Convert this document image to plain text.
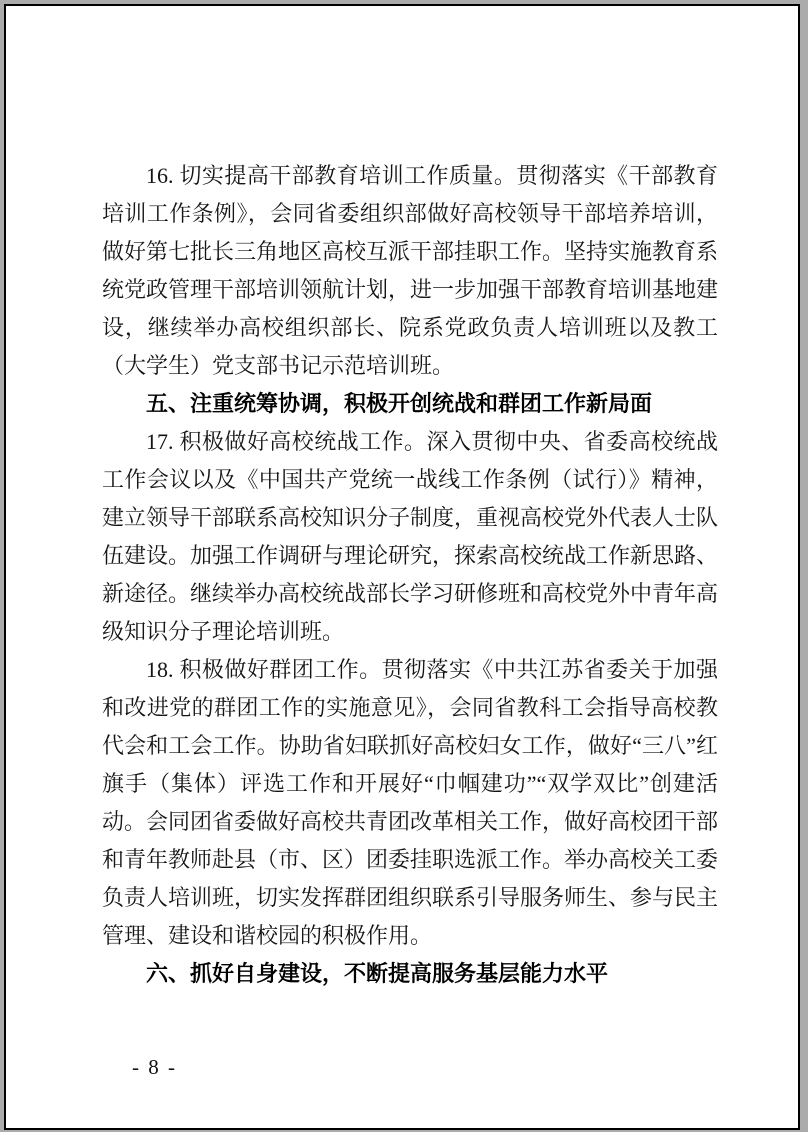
16. 切实提高干部教育培训工作质量。贯彻落实《干部教育培训工作条例》，会同省委组织部做好高校领导干部培养培训，做好第七批长三角地区高校互派干部挂职工作。坚持实施教育系统党政管理干部培训领航计划，进一步加强干部教育培训基地建设，继续举办高校组织部长、院系党政负责人培训班以及教工（大学生）党支部书记示范培训班。

五、注重统筹协调，积极开创统战和群团工作新局面

17. 积极做好高校统战工作。深入贯彻中央、省委高校统战工作会议以及《中国共产党统一战线工作条例（试行）》精神，建立领导干部联系高校知识分子制度，重视高校党外代表人士队伍建设。加强工作调研与理论研究，探索高校统战工作新思路、新途径。继续举办高校统战部长学习研修班和高校党外中青年高级知识分子理论培训班。

18. 积极做好群团工作。贯彻落实《中共江苏省委关于加强和改进党的群团工作的实施意见》，会同省教科工会指导高校教代会和工会工作。协助省妇联抓好高校妇女工作，做好“三八”红旗手（集体）评选工作和开展好“巾帼建功”“双学双比”创建活动。会同团省委做好高校共青团改革相关工作，做好高校团干部和青年教师赴县（市、区）团委挂职选派工作。举办高校关工委负责人培训班，切实发挥群团组织联系引导服务师生、参与民主管理、建设和谐校园的积极作用。

六、抓好自身建设，不断提高服务基层能力水平
- 8 -
